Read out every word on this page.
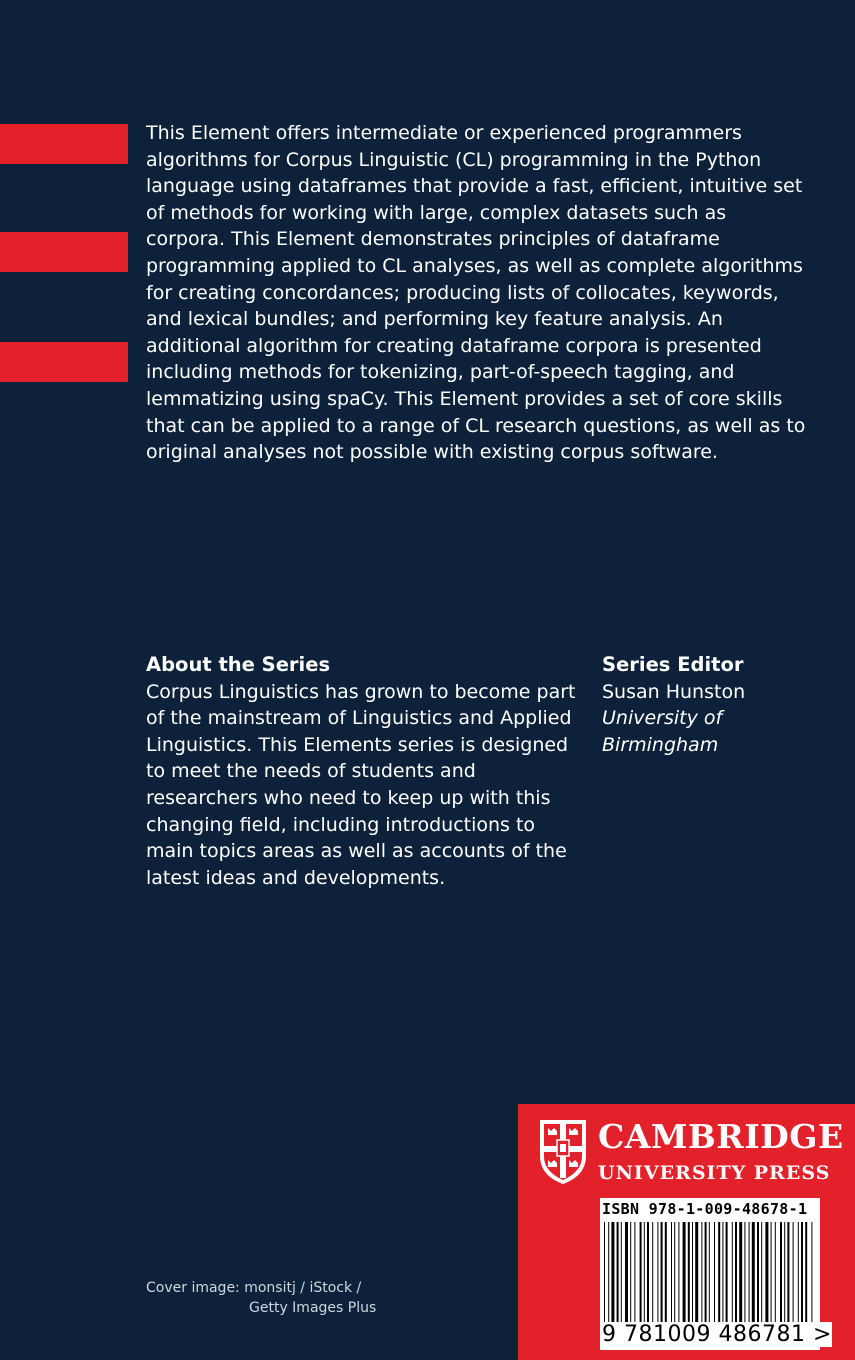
This Element offers intermediate or experienced programmers algorithms for Corpus Linguistic (CL) programming in the Python language using dataframes that provide a fast, efficient, intuitive set of methods for working with large, complex datasets such as corpora. This Element demonstrates principles of dataframe programming applied to CL analyses, as well as complete algorithms for creating concordances; producing lists of collocates, keywords, and lexical bundles; and performing key feature analysis. An additional algorithm for creating dataframe corpora is presented including methods for tokenizing, part-of-speech tagging, and lemmatizing using spaCy. This Element provides a set of core skills that can be applied to a range of CL research questions, as well as to original analyses not possible with existing corpus software.

About the Series

Corpus Linguistics has grown to become part of the mainstream of Linguistics and Applied Linguistics. This Elements series is designed to meet the needs of students and researchers who need to keep up with this changing field, including introductions to main topics areas as well as accounts of the latest ideas and developments.

Series Editor
Susan Hunston
University of Birmingham
Cover image: monsitj / iStock /
Getty Images Plus
CAMBRIDGE
UNIVERSITY PRESS
ISBN 978-1-009-48678-1
9 781009 486781 >
